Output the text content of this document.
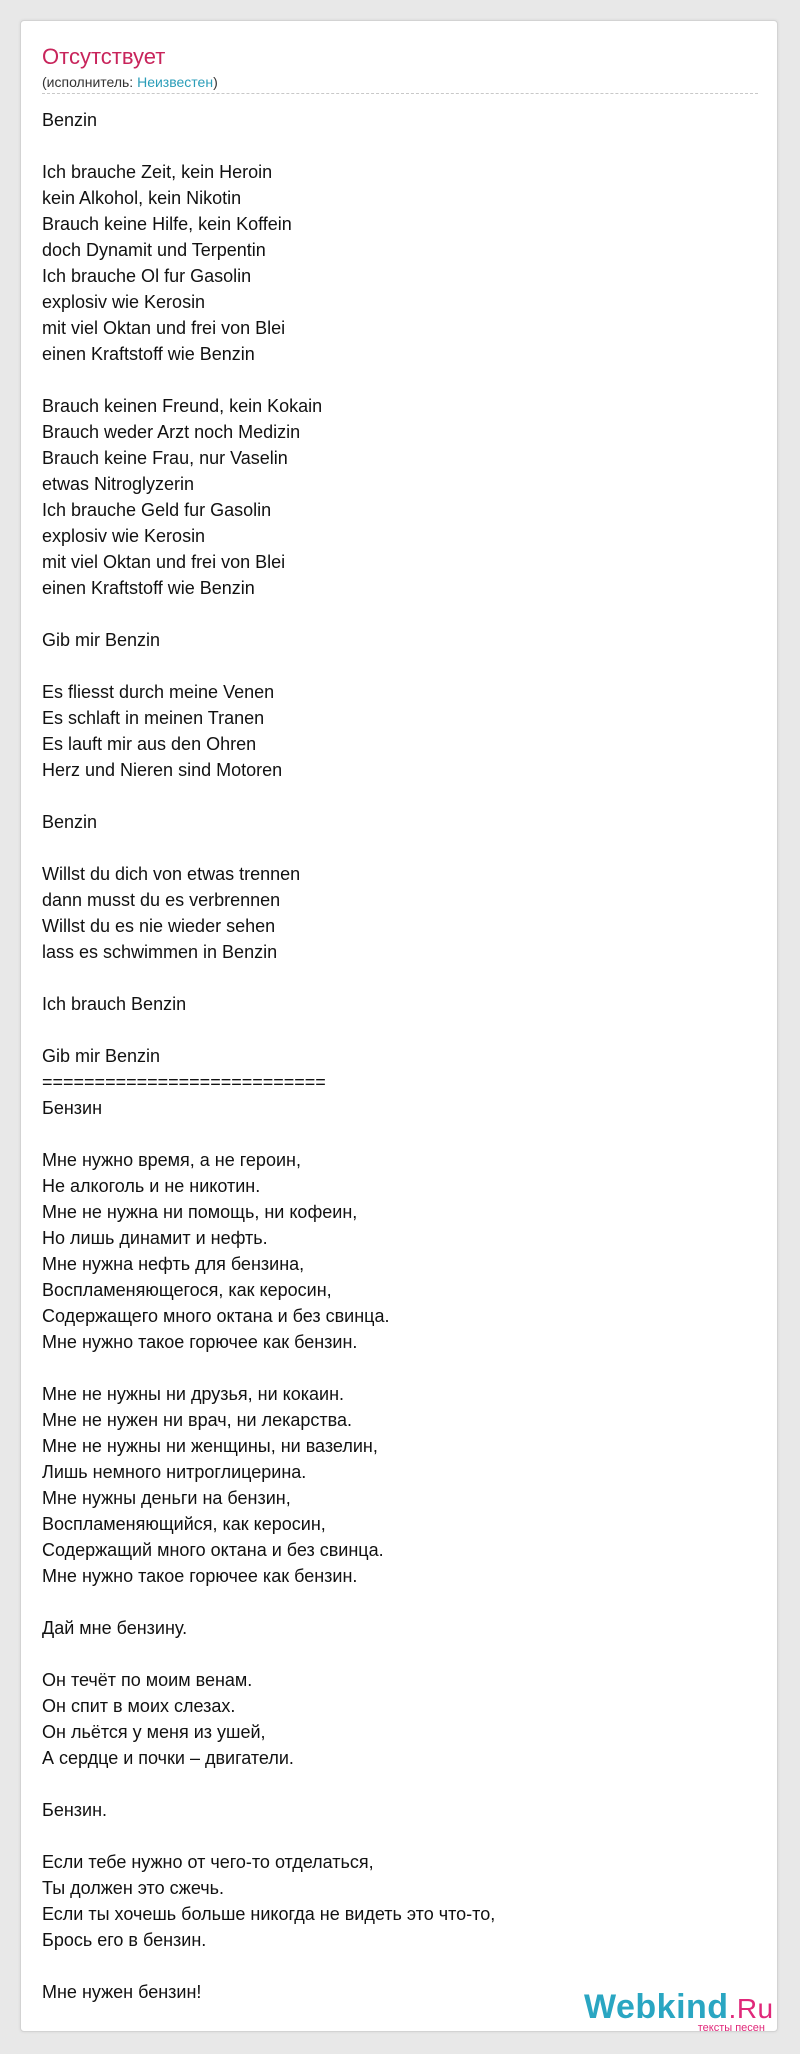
Отсутствует
(исполнитель: Неизвестен)
Benzin
Ich brauche Zeit, kein Heroin
kein Alkohol, kein Nikotin
Brauch keine Hilfe, kein Koffein
doch Dynamit und Terpentin
Ich brauche Ol fur Gasolin
explosiv wie Kerosin
mit viel Oktan und frei von Blei
einen Kraftstoff wie Benzin
Brauch keinen Freund, kein Kokain
Brauch weder Arzt noch Medizin
Brauch keine Frau, nur Vaselin
etwas Nitroglyzerin
Ich brauche Geld fur Gasolin
explosiv wie Kerosin
mit viel Oktan und frei von Blei
einen Kraftstoff wie Benzin
Gib mir Benzin
Es fliesst durch meine Venen
Es schlaft in meinen Tranen
Es lauft mir aus den Ohren
Herz und Nieren sind Motoren
Benzin
Willst du dich von etwas trennen
dann musst du es verbrennen
Willst du es nie wieder sehen
lass es schwimmen in Benzin
Ich brauch Benzin
Gib mir Benzin
===========================
Бензин
Мне нужно время, а не героин,
Не алкоголь и не никотин.
Мне не нужна ни помощь, ни кофеин,
Но лишь динамит и нефть.
Мне нужна нефть для бензина,
Воспламеняющегося, как керосин,
Содержащего много октана и без свинца.
Мне нужно такое горючее как бензин.
Мне не нужны ни друзья, ни кокаин.
Мне не нужен ни врач, ни лекарства.
Мне не нужны ни женщины, ни вазелин,
Лишь немного нитроглицерина.
Мне нужны деньги на бензин,
Воспламеняющийся, как керосин,
Содержащий много октана и без свинца.
Мне нужно такое горючее как бензин.
Дай мне бензину.
Он течёт по моим венам.
Он спит в моих слезах.
Он льётся у меня из ушей,
А сердце и почки – двигатели.
Бензин.
Если тебе нужно от чего-то отделаться,
Ты должен это сжечь.
Если ты хочешь больше никогда не видеть это что-то,
Брось его в бензин.
Мне нужен бензин!	Webkind.Ru
тексты песен
